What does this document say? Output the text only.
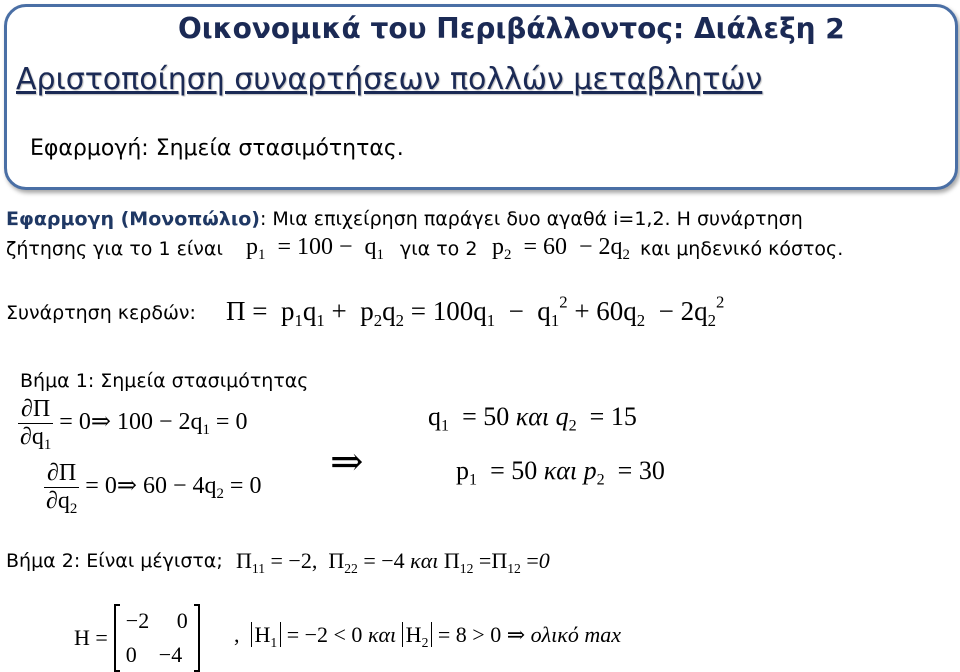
Οικονομικά του Περιβάλλοντος: Διάλεξη 2
Αριστοποίηση συναρτήσεων πολλών μεταβλητών
Εφαρμογή: Σημεία στασιμότητας.
Εφαρμογη (Μονοπώλιο): Μια επιχείρηση παράγει δυο αγαθά i=1,2. Η συνάρτηση
ζήτησης για το 1 είναι $p_1 = 100 - q_1$ για το 2 $p_2 = 60 - 2q_2$ και μηδενικό κόστος.
Συνάρτηση κερδών: $\Pi = p_1q_1 + p_2q_2 = 100q_1 - q_1^2 + 60q_2 - 2q_2^2$
Βήμα 1: Σημεία στασιμότητας
$\frac{\partial\Pi}{\partial q_1}$ = 0⇒ $100 - 2q_1 = 0$
$\frac{\partial\Pi}{\partial q_2}$ = 0⇒ $60 - 4q_2 = 0$
⇒
$q_1 = 50$ και $q_2 = 15$
$p_1 = 50$ και $p_2 = 30$
Βήμα 2: Είναι μέγιστα; $\Pi_{11} = -2$,  $\Pi_{22} = -4$ και $\Pi_{12} =\Pi_{12} =0$
H =
−2     0
0    −4
,  $H_1 = -2 < 0$ και $H_2 = 8 > 0$ ⇒ ολικό max
